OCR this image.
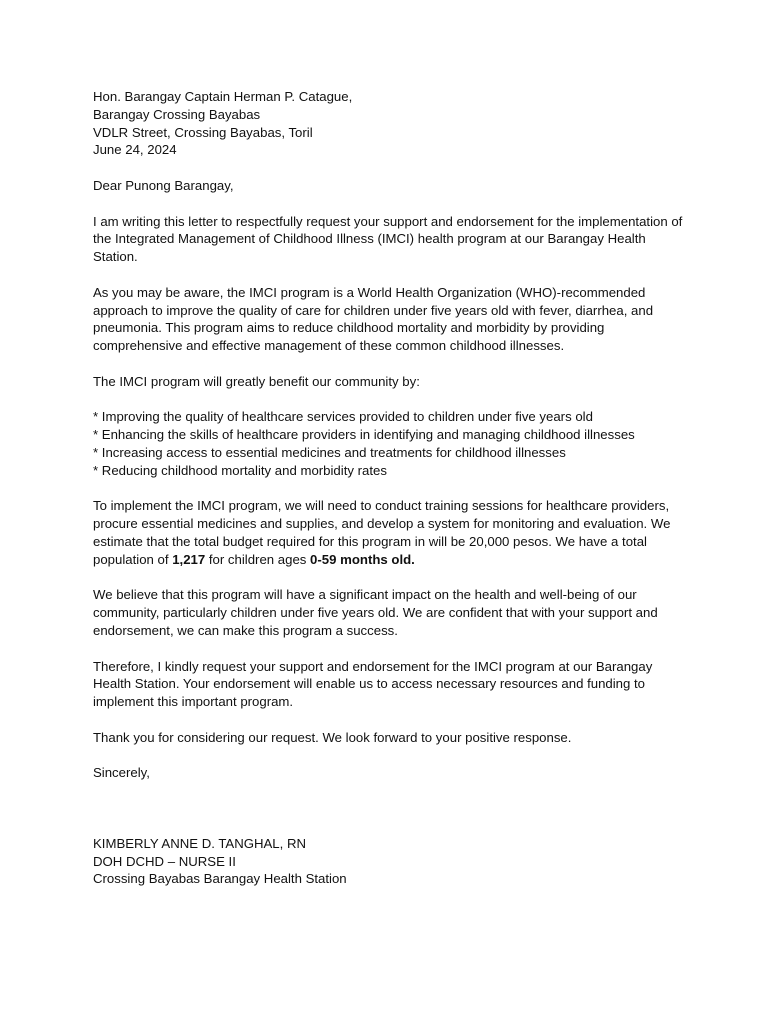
Hon. Barangay Captain Herman P. Catague,
Barangay Crossing Bayabas
VDLR Street, Crossing Bayabas, Toril
June 24, 2024
Dear Punong Barangay,

I am writing this letter to respectfully request your support and endorsement for the implementation of the Integrated Management of Childhood Illness (IMCI) health program at our Barangay Health Station.

As you may be aware, the IMCI program is a World Health Organization (WHO)-recommended approach to improve the quality of care for children under five years old with fever, diarrhea, and pneumonia. This program aims to reduce childhood mortality and morbidity by providing comprehensive and effective management of these common childhood illnesses.

The IMCI program will greatly benefit our community by:

* Improving the quality of healthcare services provided to children under five years old
* Enhancing the skills of healthcare providers in identifying and managing childhood illnesses
* Increasing access to essential medicines and treatments for childhood illnesses
* Reducing childhood mortality and morbidity rates

To implement the IMCI program, we will need to conduct training sessions for healthcare providers, procure essential medicines and supplies, and develop a system for monitoring and evaluation. We estimate that the total budget required for this program in will be 20,000 pesos. We have a total population of 1,217 for children ages 0-59 months old.

We believe that this program will have a significant impact on the health and well-being of our community, particularly children under five years old. We are confident that with your support and endorsement, we can make this program a success.

Therefore, I kindly request your support and endorsement for the IMCI program at our Barangay Health Station. Your endorsement will enable us to access necessary resources and funding to implement this important program.

Thank you for considering our request. We look forward to your positive response.

Sincerely,
KIMBERLY ANNE D. TANGHAL, RN
DOH DCHD – NURSE II
Crossing Bayabas Barangay Health Station
